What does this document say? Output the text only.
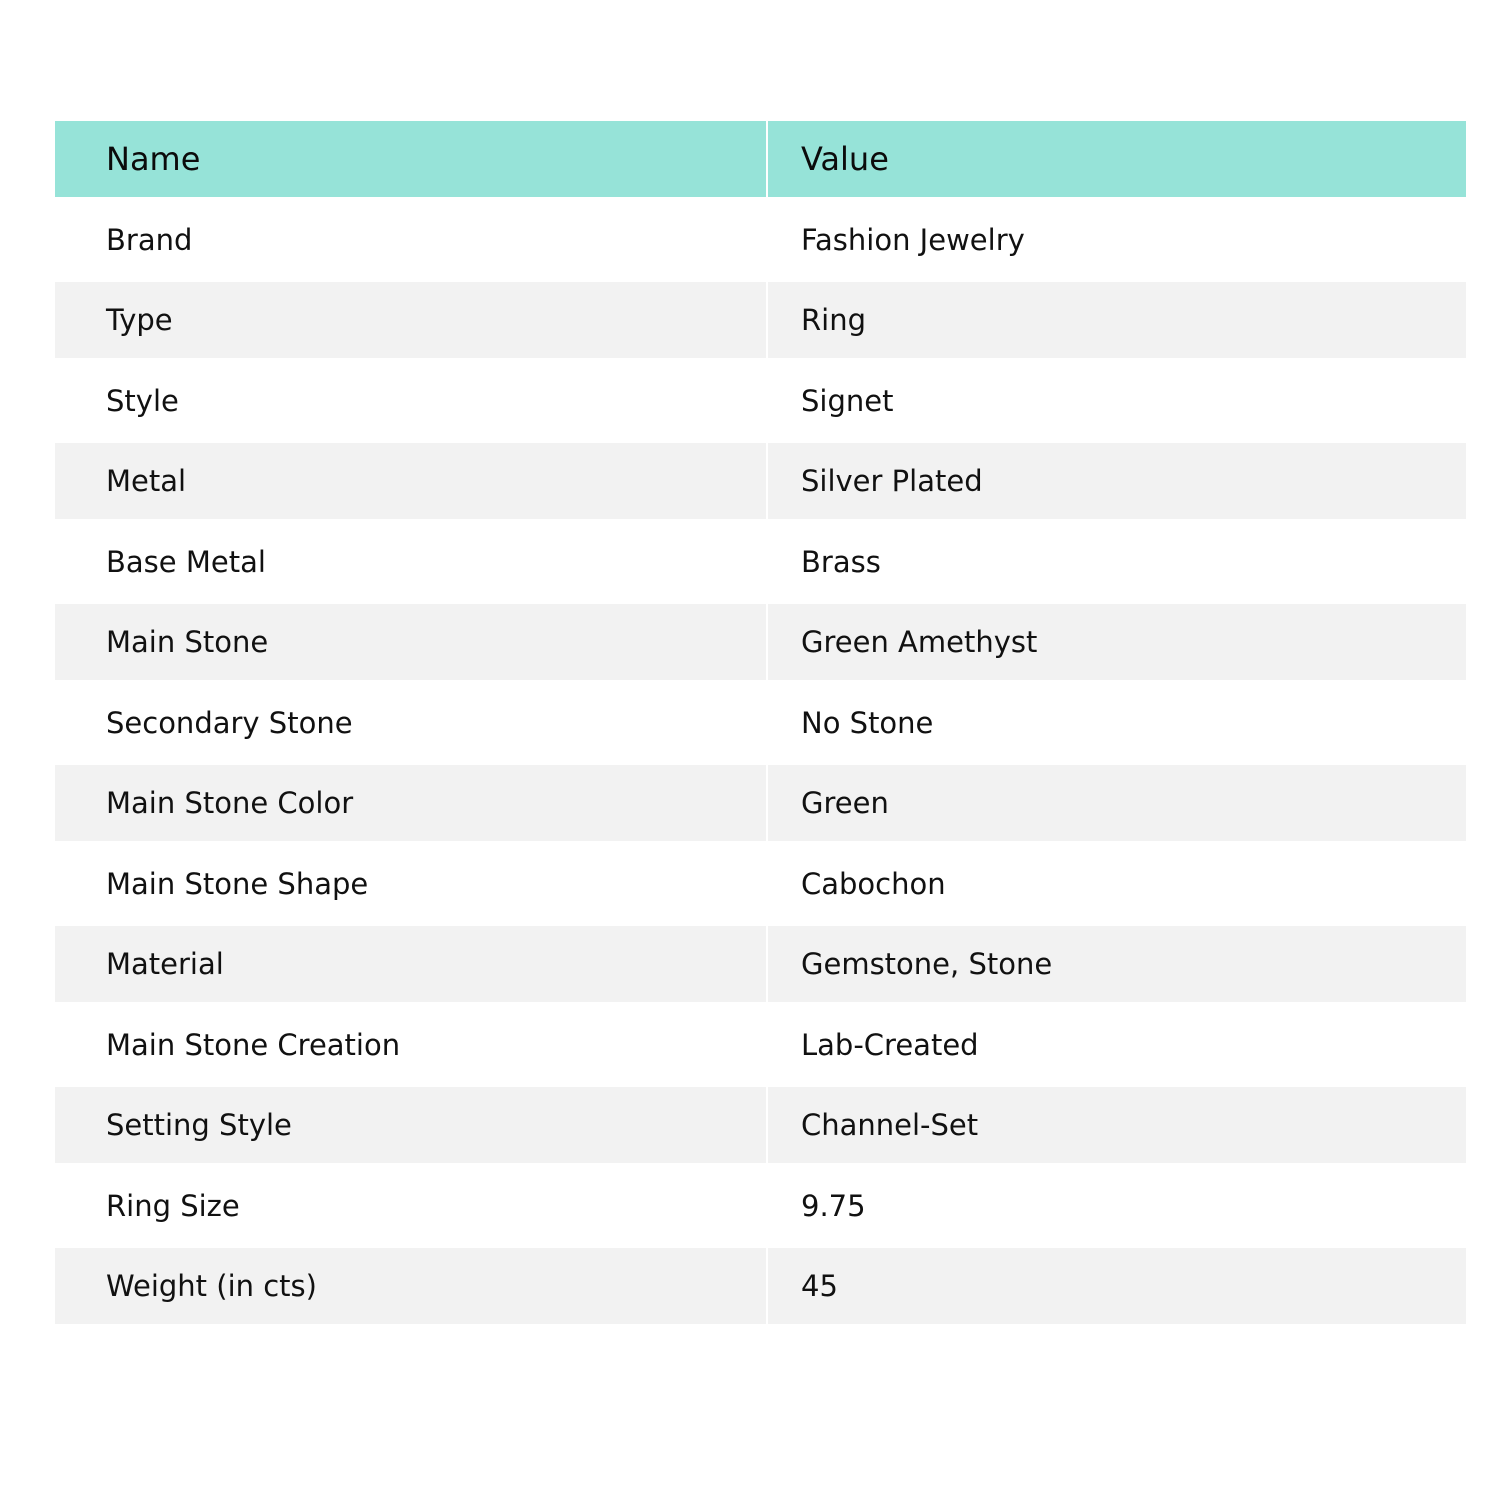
Name	Value
Brand	Fashion Jewelry
Type	Ring
Style	Signet
Metal	Silver Plated
Base Metal	Brass
Main Stone	Green Amethyst
Secondary Stone	No Stone
Main Stone Color	Green
Main Stone Shape	Cabochon
Material	Gemstone, Stone
Main Stone Creation	Lab-Created
Setting Style	Channel-Set
Ring Size	9.75
Weight (in cts)	45
